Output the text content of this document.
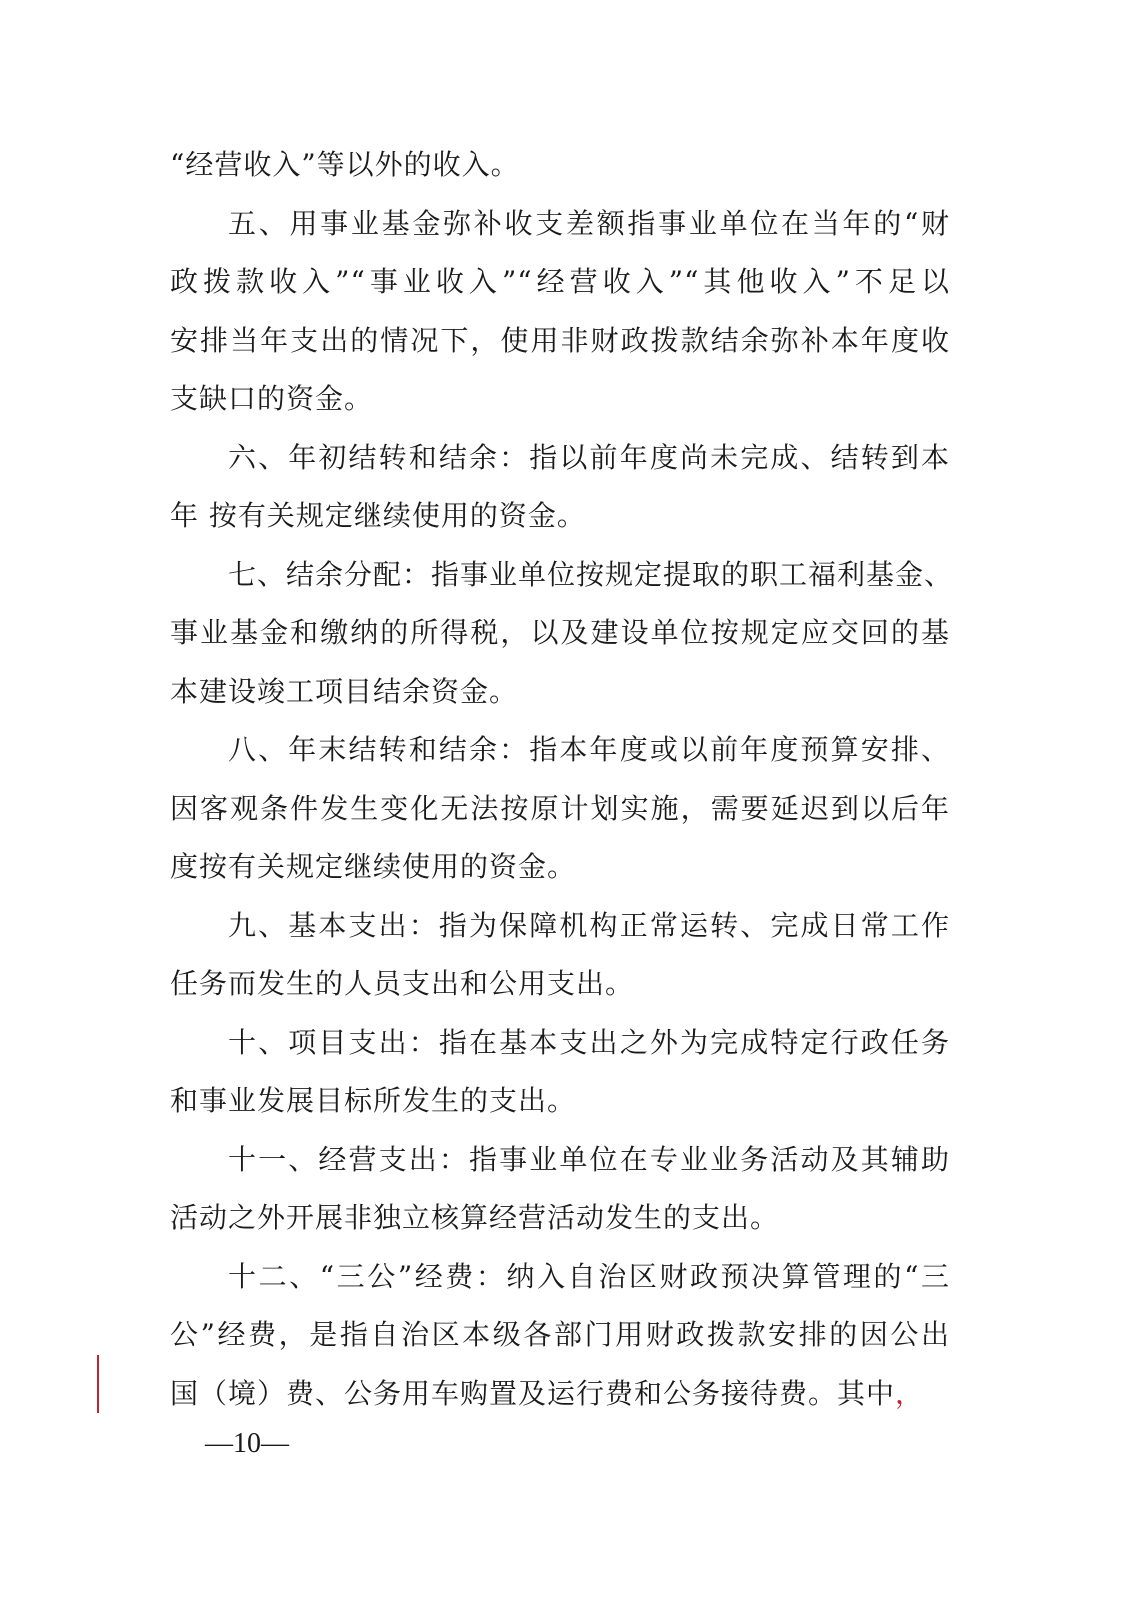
“经营收入”等以外的收入。
五、用事业基金弥补收支差额指事业单位在当年的“财
政拨款收入”“事业收入”“经营收入”“其他收入”不足以
安排当年支出的情况下，使用非财政拨款结余弥补本年度收
支缺口的资金。
六、年初结转和结余：指以前年度尚未完成、结转到本
年 按有关规定继续使用的资金。
七、结余分配：指事业单位按规定提取的职工福利基金、
事业基金和缴纳的所得税，以及建设单位按规定应交回的基
本建设竣工项目结余资金。
八、年末结转和结余：指本年度或以前年度预算安排、
因客观条件发生变化无法按原计划实施，需要延迟到以后年
度按有关规定继续使用的资金。
九、基本支出：指为保障机构正常运转、完成日常工作
任务而发生的人员支出和公用支出。
十、项目支出：指在基本支出之外为完成特定行政任务
和事业发展目标所发生的支出。
十一、经营支出：指事业单位在专业业务活动及其辅助
活动之外开展非独立核算经营活动发生的支出。
十二、“三公”经费：纳入自治区财政预决算管理的“三
公”经费，是指自治区本级各部门用财政拨款安排的因公出
国（境）费、公务用车购置及运行费和公务接待费。其中，
—10—
